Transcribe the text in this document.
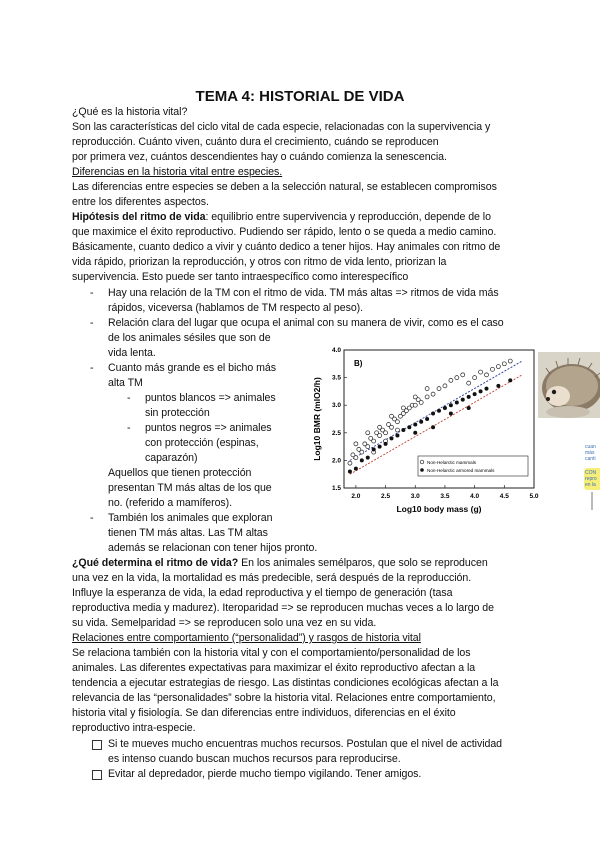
TEMA 4: HISTORIAL DE VIDA
¿Qué es la historia vital?
Son las características del ciclo vital de cada especie, relacionadas con la supervivencia y
reproducción. Cuánto viven, cuánto dura el crecimiento, cuándo se reproducen
por primera vez, cuántos descendientes hay o cuándo comienza la senescencia.
Diferencias en la historia vital entre especies.
Las diferencias entre especies se deben a la selección natural, se establecen compromisos
entre los diferentes aspectos.
Hipótesis del ritmo de vida: equilibrio entre supervivencia y reproducción, depende de lo
que maximice el éxito reproductivo. Pudiendo ser rápido, lento o se queda a medio camino.
Básicamente, cuanto dedico a vivir y cuánto dedico a tener hijos. Hay animales con ritmo de
vida rápido, priorizan la reproducción, y otros con ritmo de vida lento, priorizan la
supervivencia. Esto puede ser tanto intraespecífico como interespecífico
- Hay una relación de la TM con el ritmo de vida. TM más altas => ritmos de vida más
rápidos, viceversa (hablamos de TM respecto al peso).
- Relación clara del lugar que ocupa el animal con su manera de vivir, como es el caso
de los animales sésiles que son de
vida lenta.
- Cuanto más grande es el bicho más
alta TM
- puntos blancos => animales
sin protección
- puntos negros => animales
con protección (espinas,
caparazón)
Aquellos que tienen protección
presentan TM más altas de los que
no. (referido a mamíferos).
- También los animales que exploran
tienen TM más altas. Las TM altas
además se relacionan con tener hijos pronto.
¿Qué determina el ritmo de vida? En los animales semélparos, que solo se reproducen
una vez en la vida, la mortalidad es más predecible, será después de la reproducción.
Influye la esperanza de vida, la edad reproductiva y el tiempo de generación (tasa
reproductiva media y madurez). Iteroparidad => se reproducen muchas veces a lo largo de
su vida. Semelparidad => se reproducen solo una vez en su vida.
Relaciones entre comportamiento (“personalidad”) y rasgos de historia vital
Se relaciona también con la historia vital y con el comportamiento/personalidad de los
animales. Las diferentes expectativas para maximizar el éxito reproductivo afectan a la
tendencia a ejecutar estrategias de riesgo. Las distintas condiciones ecológicas afectan a la
relevancia de las “personalidades” sobre la historia vital. Relaciones entre comportamiento,
historia vital y fisiología. Se dan diferencias entre individuos, diferencias en el éxito
reproductivo intra-especie.
Si te mueves mucho encuentras muchos recursos. Postulan que el nivel de actividad
es intenso cuando buscan muchos recursos para reproducirse.
Evitar al depredador, pierde mucho tiempo vigilando. Tener amigos.
2.0	2.5	3.0	3.5	4.0	4.5	5.0
1.5
2.0
2.5
3.0
3.5
4.0
Log10 body mass (g)
Log10 BMR (mlO2/h)
B)
Non-Helarctic mammals
Non-Helarctic armored mammals
cuan
más
canti
CON
repro
en la
